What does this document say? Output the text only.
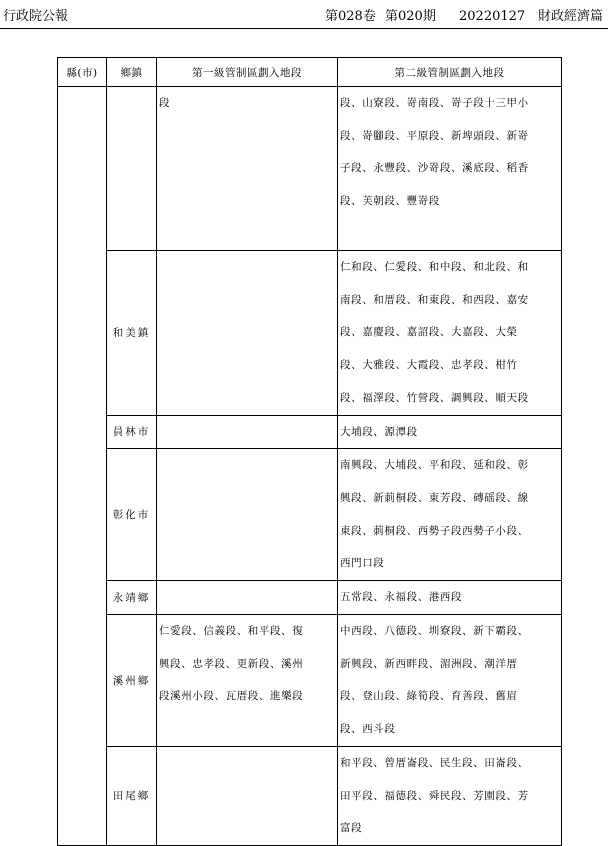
行政院公報	第028卷 第020期 20220127 財政經濟篇
縣(市)	鄉鎮	第一級管制區劃入地段	第二級管制區劃入地段
		段	段、山寮段、嵜南段、嵜子段十三甲小
段、嵜腳段、平原段、新埤頭段、新嵜
子段、永豐段、沙嵜段、溪底段、稻香
段、芙朝段、豐嵜段
	和美鎮		仁和段、仁愛段、和中段、和北段、和
南段、和厝段、和東段、和西段、嘉安
段、嘉慶段、嘉詔段、大嘉段、大榮
段、大雅段、大霞段、忠孝段、柑竹
段、福澤段、竹營段、調興段、順天段
	員林市		大埔段、源潭段
	彰化市		南興段、大埔段、平和段、延和段、彰
興段、新莿桐段、東芳段、磚磘段、線
東段、莿桐段、西勢子段西勢子小段、
西門口段
	永靖鄉		五常段、永福段、港西段
	溪州鄉	仁愛段、信義段、和平段、復
興段、忠孝段、更新段、溪州
段溪州小段、瓦厝段、進樂段	中西段、八德段、圳寮段、新下霸段、
新興段、新西畔段、湄洲段、潮洋厝
段、登山段、綠筍段、育善段、舊眉
段、西斗段
	田尾鄉		和平段、曾厝崙段、民生段、田崙段、
田平段、福德段、舜民段、芳園段、芳
富段
